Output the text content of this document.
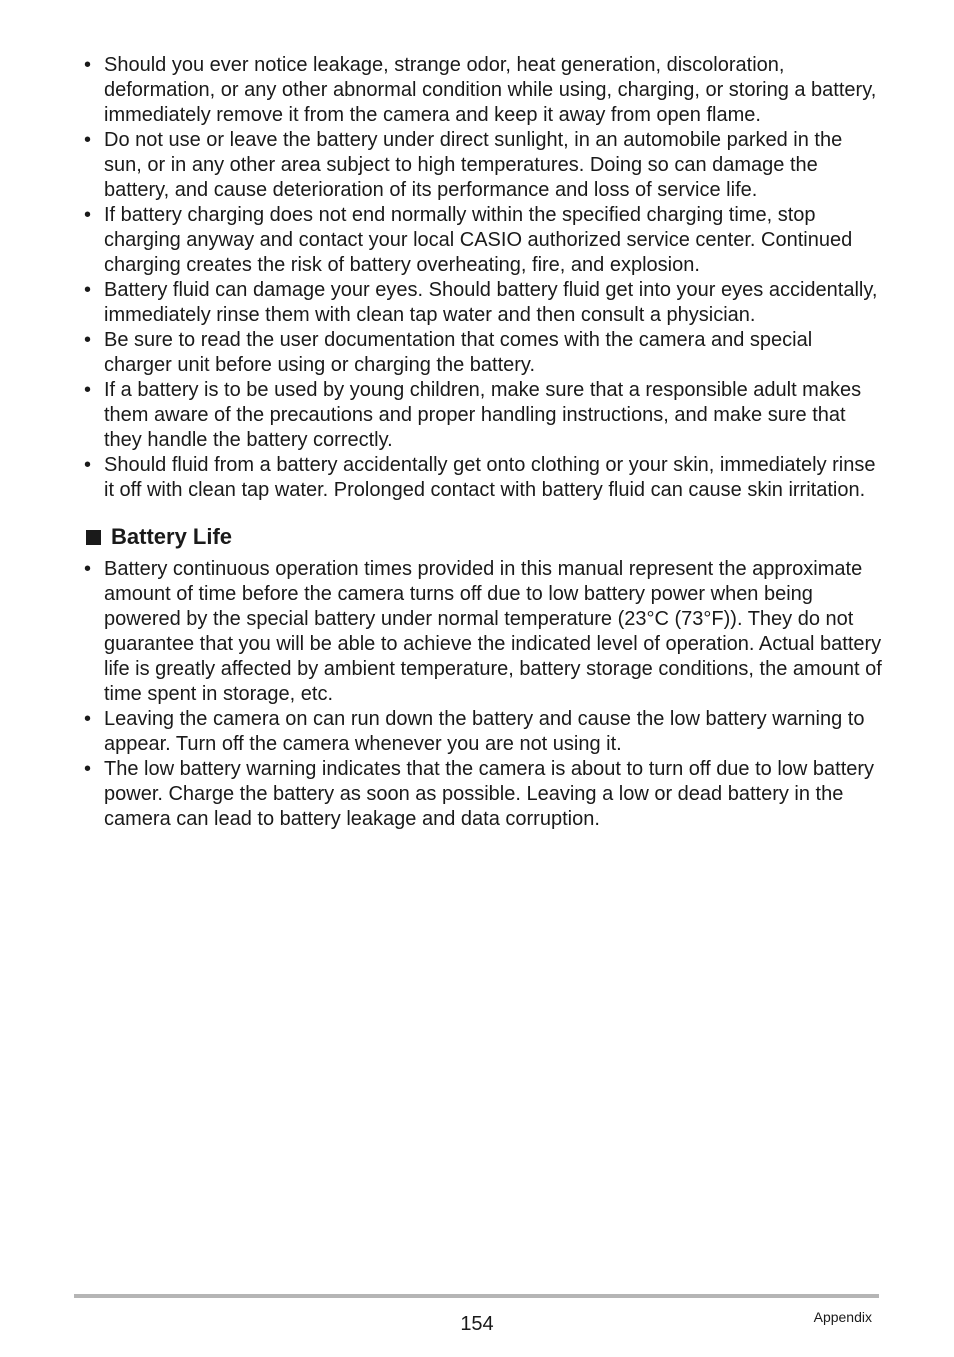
• Should you ever notice leakage, strange odor, heat generation, discoloration, deformation, or any other abnormal condition while using, charging, or storing a battery, immediately remove it from the camera and keep it away from open flame.
• Do not use or leave the battery under direct sunlight, in an automobile parked in the sun, or in any other area subject to high temperatures. Doing so can damage the battery, and cause deterioration of its performance and loss of service life.
• If battery charging does not end normally within the specified charging time, stop charging anyway and contact your local CASIO authorized service center. Continued charging creates the risk of battery overheating, fire, and explosion.
• Battery fluid can damage your eyes. Should battery fluid get into your eyes accidentally, immediately rinse them with clean tap water and then consult a physician.
• Be sure to read the user documentation that comes with the camera and special charger unit before using or charging the battery.
• If a battery is to be used by young children, make sure that a responsible adult makes them aware of the precautions and proper handling instructions, and make sure that they handle the battery correctly.
• Should fluid from a battery accidentally get onto clothing or your skin, immediately rinse it off with clean tap water. Prolonged contact with battery fluid can cause skin irritation.
Battery Life
• Battery continuous operation times provided in this manual represent the approximate amount of time before the camera turns off due to low battery power when being powered by the special battery under normal temperature (23°C (73°F)). They do not guarantee that you will be able to achieve the indicated level of operation. Actual battery life is greatly affected by ambient temperature, battery storage conditions, the amount of time spent in storage, etc.
• Leaving the camera on can run down the battery and cause the low battery warning to appear. Turn off the camera whenever you are not using it.
• The low battery warning indicates that the camera is about to turn off due to low battery power. Charge the battery as soon as possible. Leaving a low or dead battery in the camera can lead to battery leakage and data corruption.
154	Appendix
